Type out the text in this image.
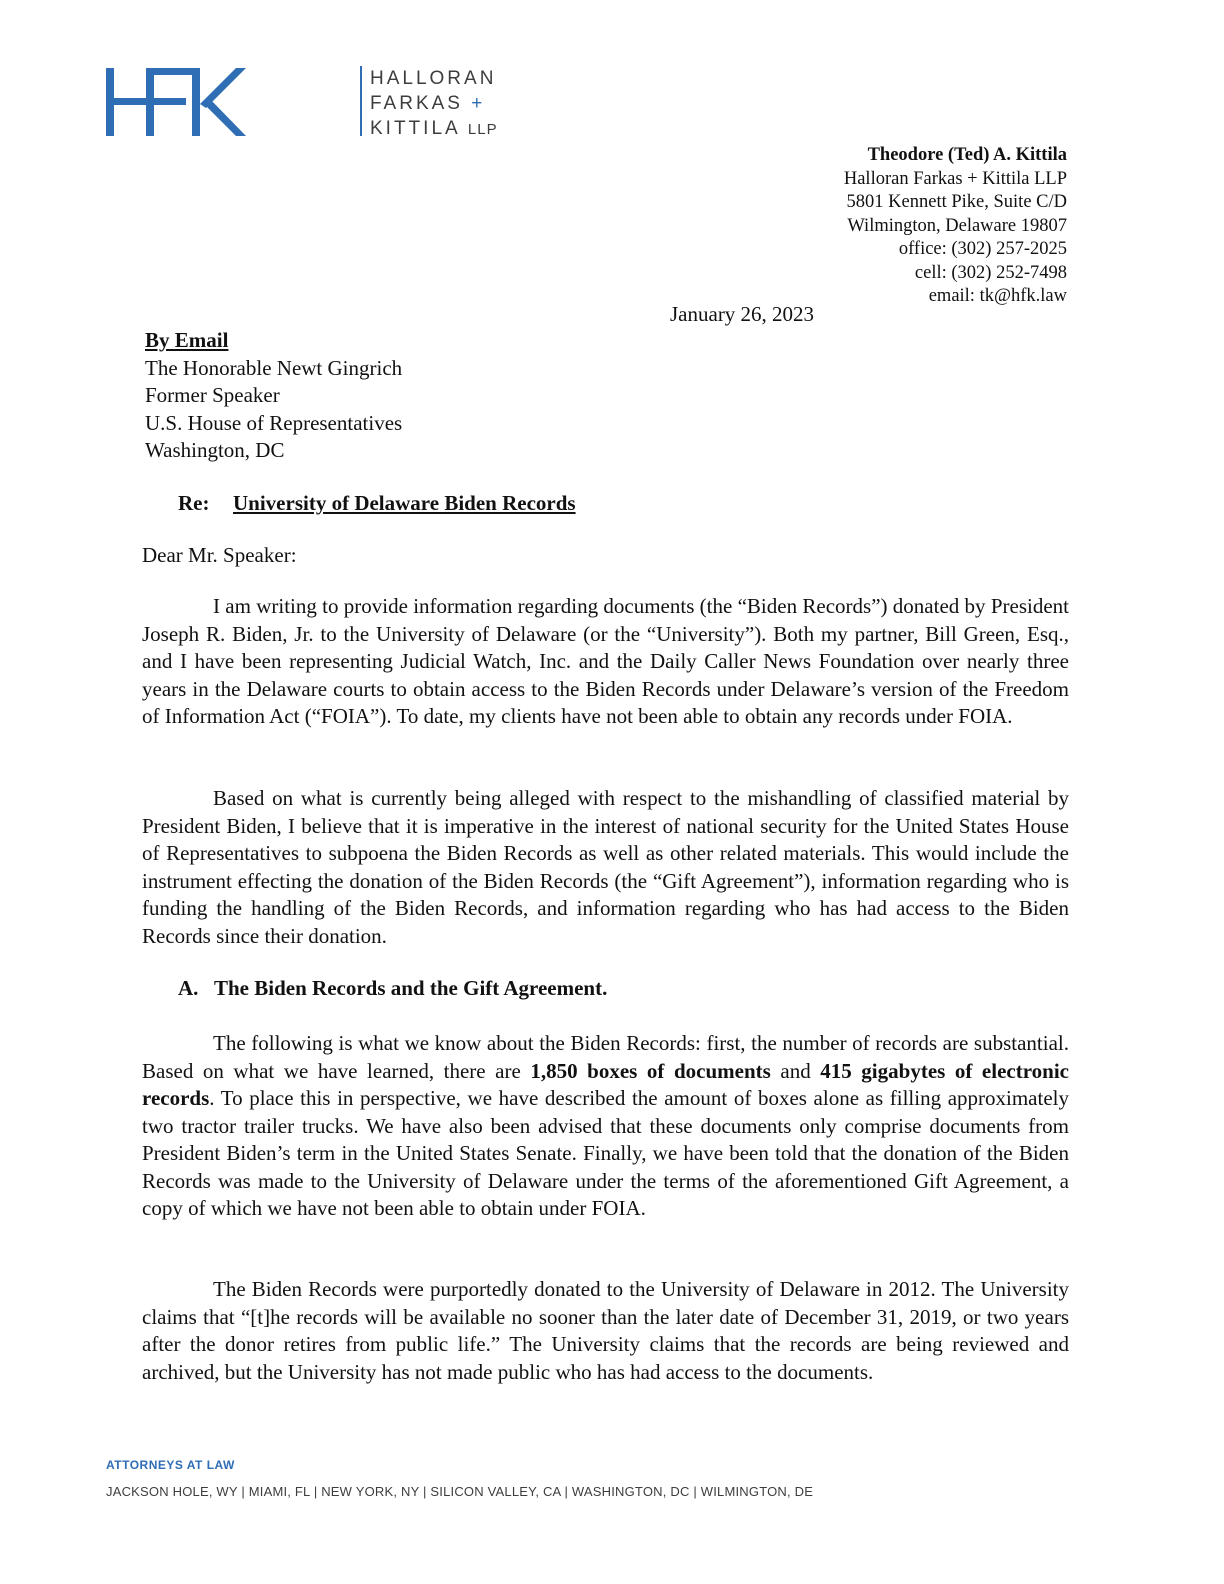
HALLORAN
FARKAS +
KITTILA LLP
Theodore (Ted) A. Kittila
Halloran Farkas + Kittila LLP
5801 Kennett Pike, Suite C/D
Wilmington, Delaware 19807
office: (302) 257-2025
cell: (302) 252-7498
email: tk@hfk.law
January 26, 2023
By Email
The Honorable Newt Gingrich
Former Speaker
U.S. House of Representatives
Washington, DC
Re: University of Delaware Biden Records
Dear Mr. Speaker:

I am writing to provide information regarding documents (the “Biden Records”) donated by President Joseph R. Biden, Jr. to the University of Delaware (or the “University”). Both my partner, Bill Green, Esq., and I have been representing Judicial Watch, Inc. and the Daily Caller News Foundation over nearly three years in the Delaware courts to obtain access to the Biden Records under Delaware’s version of the Freedom of Information Act (“FOIA”). To date, my clients have not been able to obtain any records under FOIA.

Based on what is currently being alleged with respect to the mishandling of classified material by President Biden, I believe that it is imperative in the interest of national security for the United States House of Representatives to subpoena the Biden Records as well as other related materials. This would include the instrument effecting the donation of the Biden Records (the “Gift Agreement”), information regarding who is funding the handling of the Biden Records, and information regarding who has had access to the Biden Records since their donation.

A. The Biden Records and the Gift Agreement.

The following is what we know about the Biden Records: first, the number of records are substantial. Based on what we have learned, there are 1,850 boxes of documents and 415 gigabytes of electronic records. To place this in perspective, we have described the amount of boxes alone as filling approximately two tractor trailer trucks. We have also been advised that these documents only comprise documents from President Biden’s term in the United States Senate. Finally, we have been told that the donation of the Biden Records was made to the University of Delaware under the terms of the aforementioned Gift Agreement, a copy of which we have not been able to obtain under FOIA.

The Biden Records were purportedly donated to the University of Delaware in 2012. The University claims that “[t]he records will be available no sooner than the later date of December 31, 2019, or two years after the donor retires from public life.” The University claims that the records are being reviewed and archived, but the University has not made public who has had access to the documents.

ATTORNEYS AT LAW
JACKSON HOLE, WY | MIAMI, FL | NEW YORK, NY | SILICON VALLEY, CA | WASHINGTON, DC | WILMINGTON, DE
